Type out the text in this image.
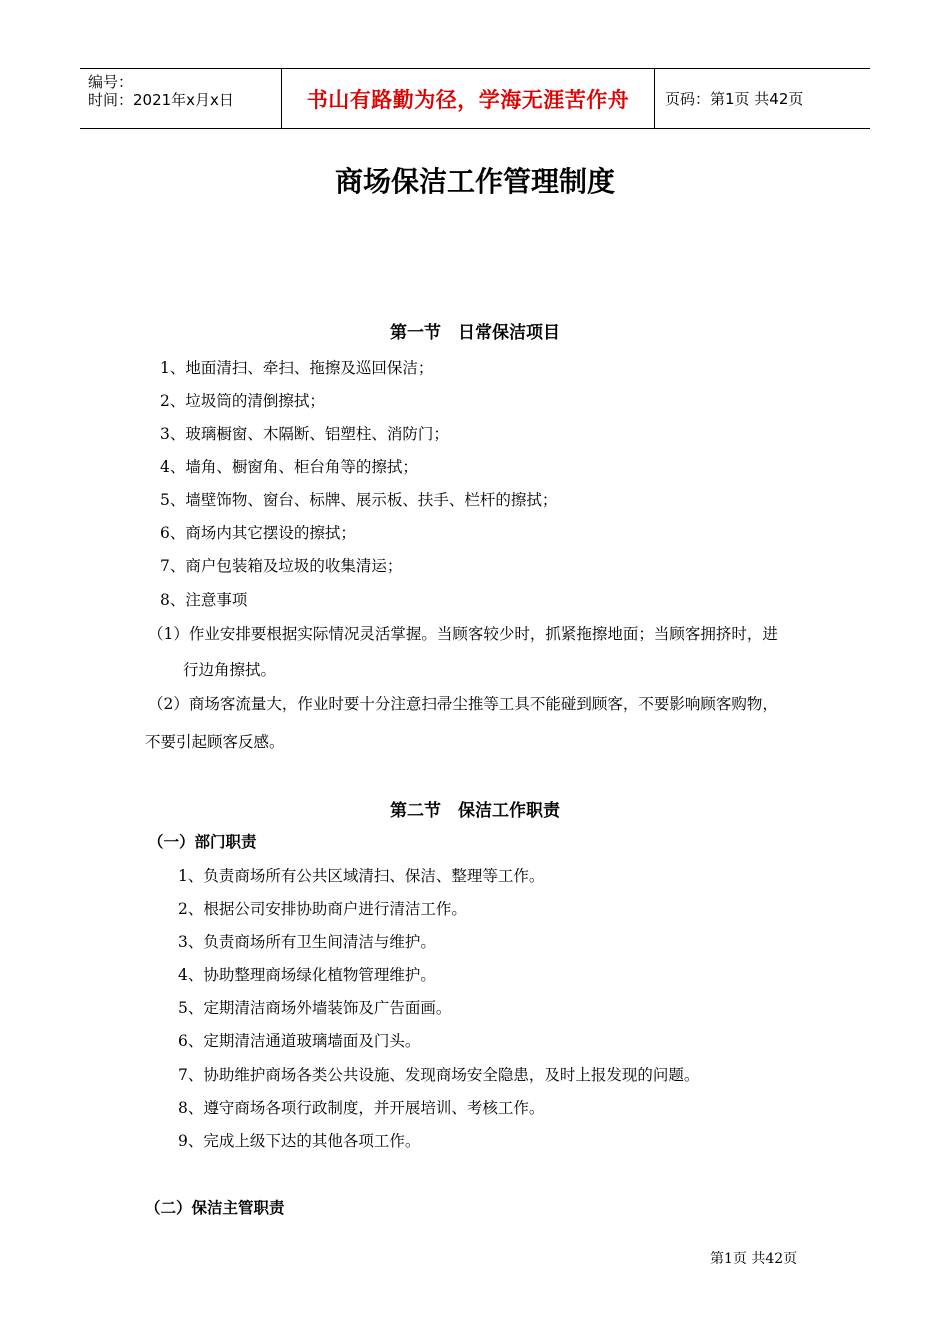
编号：
时间：2021年x月x日	书山有路勤为径，学海无涯苦作舟 页码：第1页 共42页
商场保洁工作管理制度
第一节　日常保洁项目
1、地面清扫、牵扫、拖擦及巡回保洁；
2、垃圾筒的清倒擦拭；
3、玻璃橱窗、木隔断、铝塑柱、消防门；
4、墙角、橱窗角、柜台角等的擦拭；
5、墙壁饰物、窗台、标牌、展示板、扶手、栏杆的擦拭；
6、商场内其它摆设的擦拭；
7、商户包装箱及垃圾的收集清运；
8、注意事项
（1）作业安排要根据实际情况灵活掌握。当顾客较少时，抓紧拖擦地面；当顾客拥挤时，进
行边角擦拭。
（2）商场客流量大，作业时要十分注意扫帚尘推等工具不能碰到顾客，不要影响顾客购物，
不要引起顾客反感。
第二节　保洁工作职责
（一）部门职责
1、负责商场所有公共区域清扫、保洁、整理等工作。
2、根据公司安排协助商户进行清洁工作。
3、负责商场所有卫生间清洁与维护。
4、协助整理商场绿化植物管理维护。
5、定期清洁商场外墙装饰及广告面画。
6、定期清洁通道玻璃墙面及门头。
7、协助维护商场各类公共设施、发现商场安全隐患，及时上报发现的问题。
8、遵守商场各项行政制度，并开展培训、考核工作。
9、完成上级下达的其他各项工作。
（二）保洁主管职责
第1页 共42页
